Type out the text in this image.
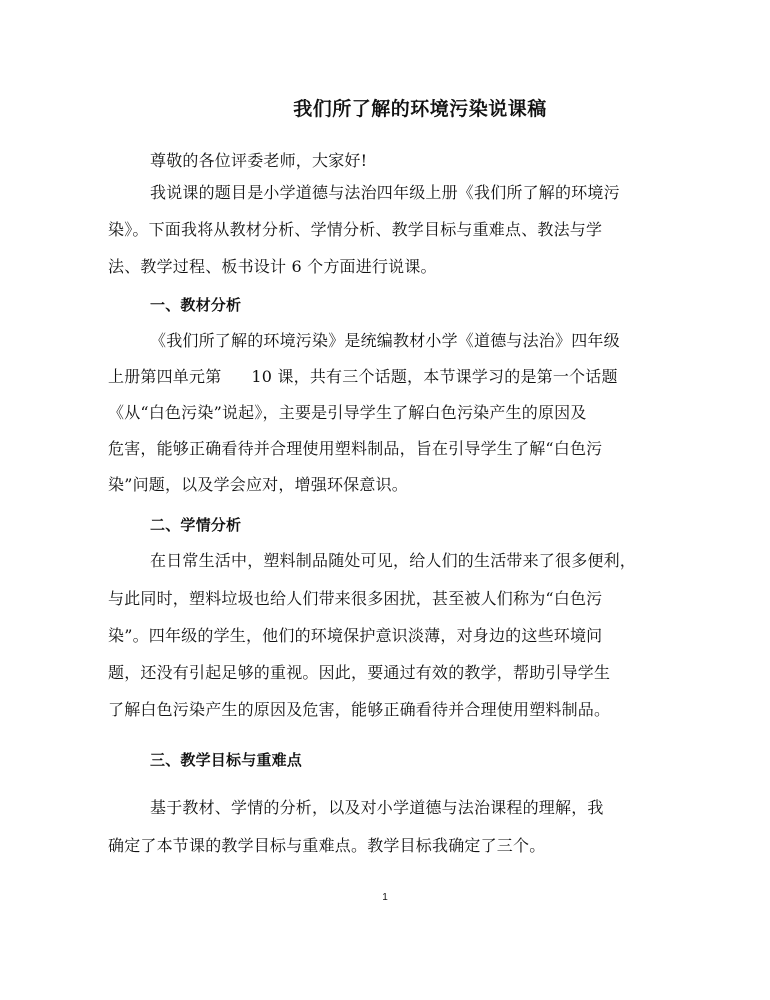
我们所了解的环境污染说课稿
尊敬的各位评委老师，大家好!
我说课的题目是小学道德与法治四年级上册《我们所了解的环境污
染》。下面我将从教材分析、学情分析、教学目标与重难点、教法与学
法、教学过程、板书设计 6 个方面进行说课。
一、教材分析
《我们所了解的环境污染》是统编教材小学《道德与法治》四年级
上册第四单元第 10 课，共有三个话题，本节课学习的是第一个话题
《从“白色污染”说起》，主要是引导学生了解白色污染产生的原因及
危害，能够正确看待并合理使用塑料制品，旨在引导学生了解“白色污
染”问题，以及学会应对，增强环保意识。
二、学情分析
在日常生活中，塑料制品随处可见，给人们的生活带来了很多便利，
与此同时，塑料垃圾也给人们带来很多困扰，甚至被人们称为“白色污
染”。四年级的学生，他们的环境保护意识淡薄，对身边的这些环境问
题，还没有引起足够的重视。因此，要通过有效的教学，帮助引导学生
了解白色污染产生的原因及危害，能够正确看待并合理使用塑料制品。
三、教学目标与重难点
基于教材、学情的分析，以及对小学道德与法治课程的理解，我
确定了本节课的教学目标与重难点。教学目标我确定了三个。
1
